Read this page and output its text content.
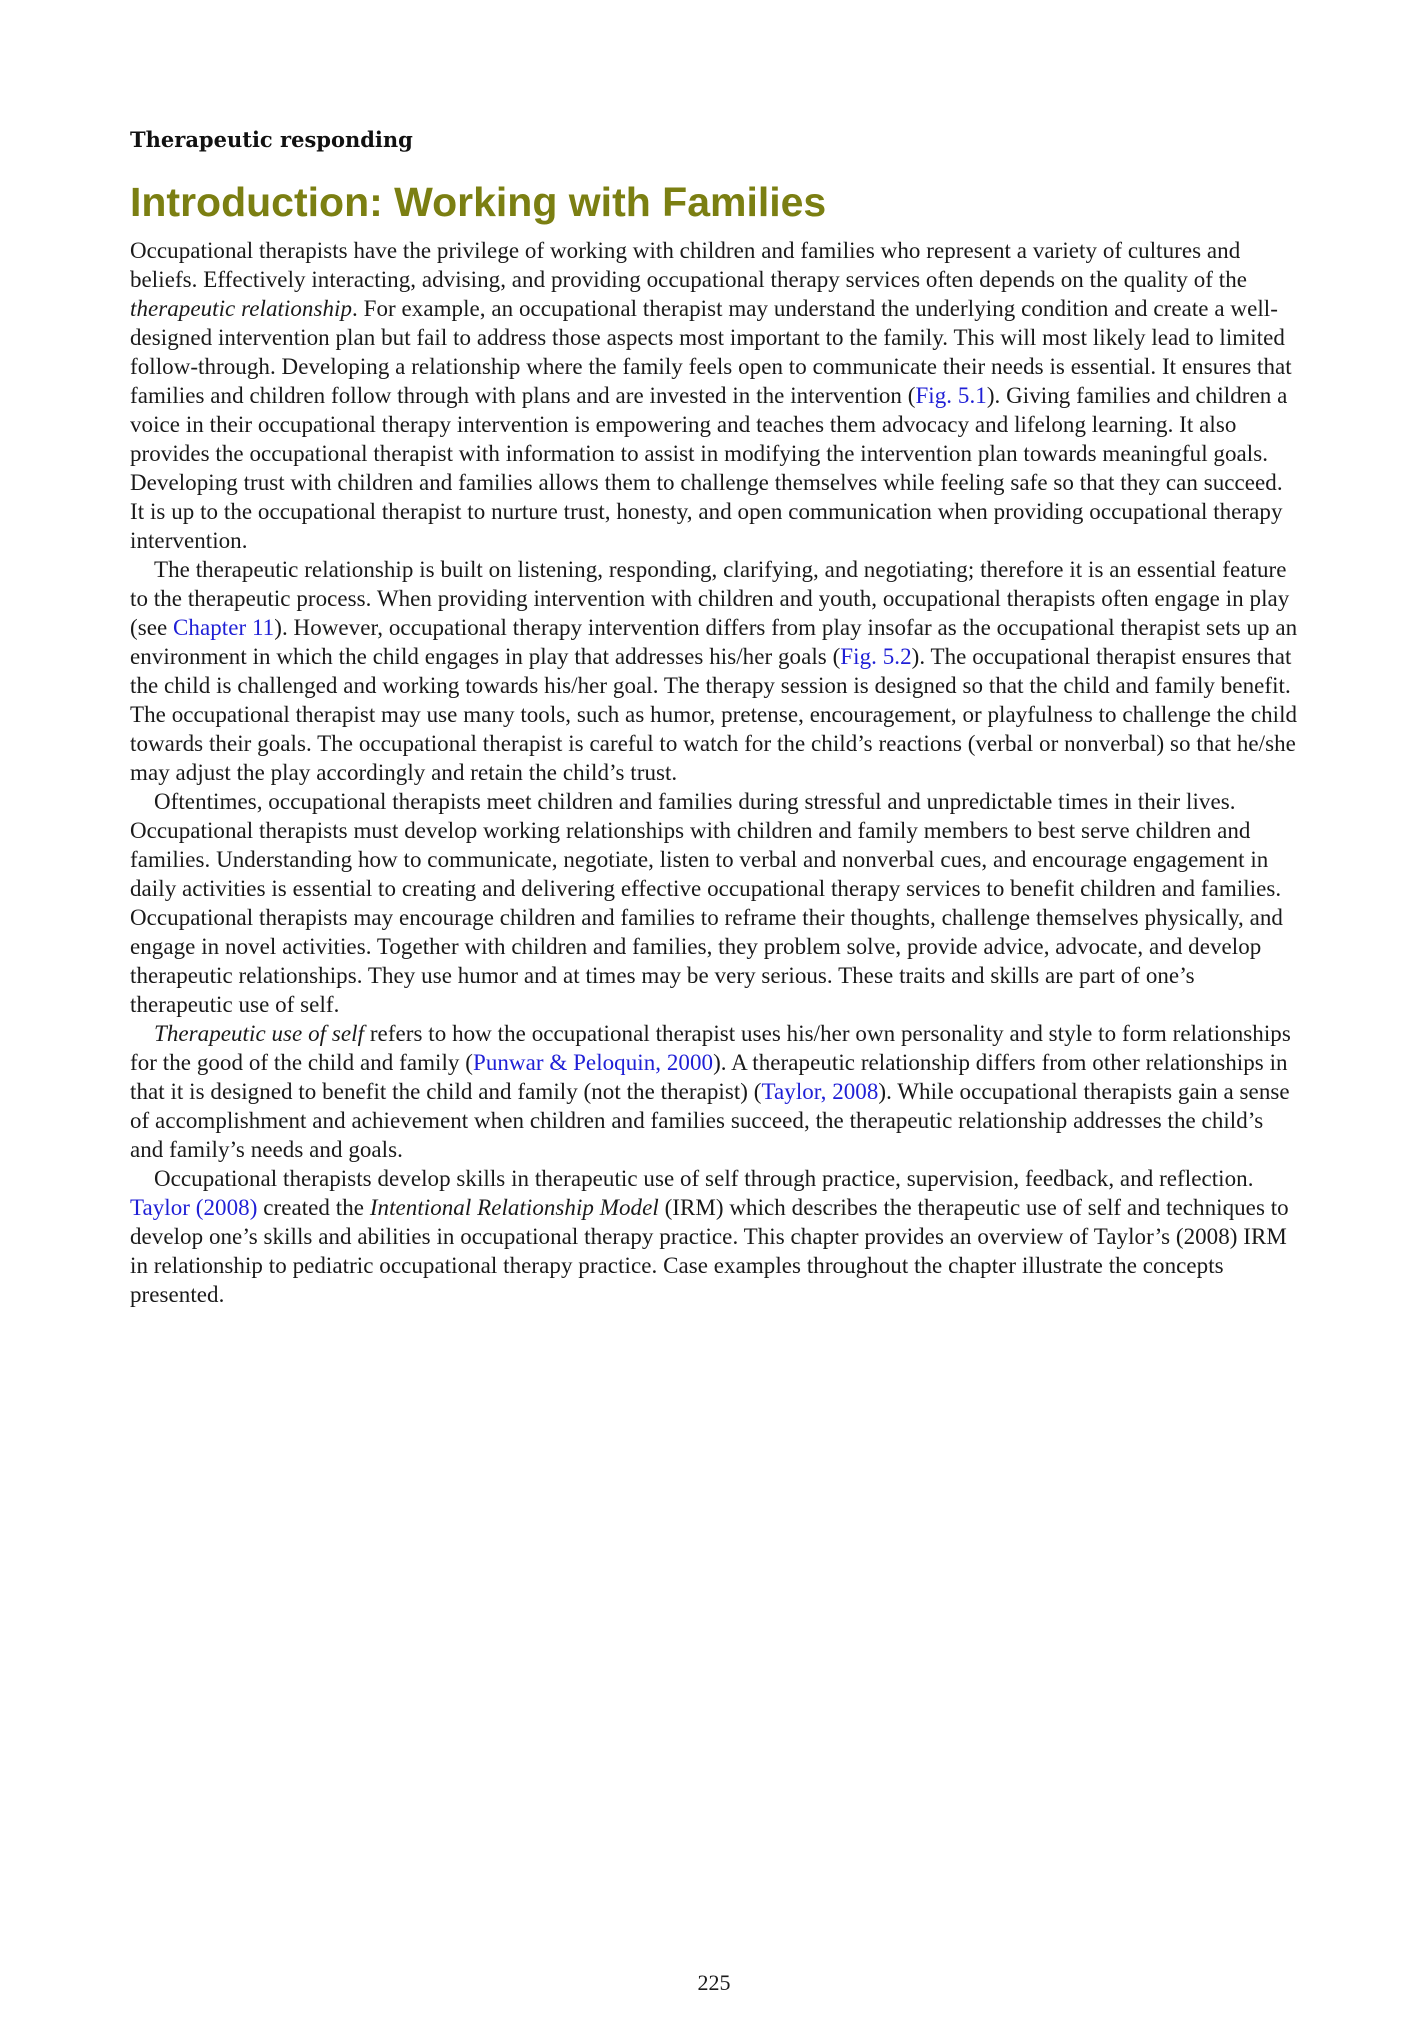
Therapeutic responding
Introduction: Working with Families

Occupational therapists have the privilege of working with children and families who represent a variety of cultures and beliefs. Effectively interacting, advising, and providing occupational therapy services often depends on the quality of the therapeutic relationship. For example, an occupational therapist may understand the underlying condition and create a well-designed intervention plan but fail to address those aspects most important to the family. This will most likely lead to limited follow-through. Developing a relationship where the family feels open to communicate their needs is essential. It ensures that families and children follow through with plans and are invested in the intervention (Fig. 5.1). Giving families and children a voice in their occupational therapy intervention is empowering and teaches them advocacy and lifelong learning. It also provides the occupational therapist with information to assist in modifying the intervention plan towards meaningful goals. Developing trust with children and families allows them to challenge themselves while feeling safe so that they can succeed. It is up to the occupational therapist to nurture trust, honesty, and open communication when providing occupational therapy intervention.

The therapeutic relationship is built on listening, responding, clarifying, and negotiating; therefore it is an essential feature to the therapeutic process. When providing intervention with children and youth, occupational therapists often engage in play (see Chapter 11). However, occupational therapy intervention differs from play insofar as the occupational therapist sets up an environment in which the child engages in play that addresses his/her goals (Fig. 5.2). The occupational therapist ensures that the child is challenged and working towards his/her goal. The therapy session is designed so that the child and family benefit. The occupational therapist may use many tools, such as humor, pretense, encouragement, or playfulness to challenge the child towards their goals. The occupational therapist is careful to watch for the child’s reactions (verbal or nonverbal) so that he/she may adjust the play accordingly and retain the child’s trust.

Oftentimes, occupational therapists meet children and families during stressful and unpredictable times in their lives. Occupational therapists must develop working relationships with children and family members to best serve children and families. Understanding how to communicate, negotiate, listen to verbal and nonverbal cues, and encourage engagement in daily activities is essential to creating and delivering effective occupational therapy services to benefit children and families. Occupational therapists may encourage children and families to reframe their thoughts, challenge themselves physically, and engage in novel activities. Together with children and families, they problem solve, provide advice, advocate, and develop therapeutic relationships. They use humor and at times may be very serious. These traits and skills are part of one’s therapeutic use of self.

Therapeutic use of self refers to how the occupational therapist uses his/her own personality and style to form relationships for the good of the child and family (Punwar & Peloquin, 2000). A therapeutic relationship differs from other relationships in that it is designed to benefit the child and family (not the therapist) (Taylor, 2008). While occupational therapists gain a sense of accomplishment and achievement when children and families succeed, the therapeutic relationship addresses the child’s and family’s needs and goals.

Occupational therapists develop skills in therapeutic use of self through practice, supervision, feedback, and reflection. Taylor (2008) created the Intentional Relationship Model (IRM) which describes the therapeutic use of self and techniques to develop one’s skills and abilities in occupational therapy practice. This chapter provides an overview of Taylor’s (2008) IRM in relationship to pediatric occupational therapy practice. Case examples throughout the chapter illustrate the concepts presented.

225
